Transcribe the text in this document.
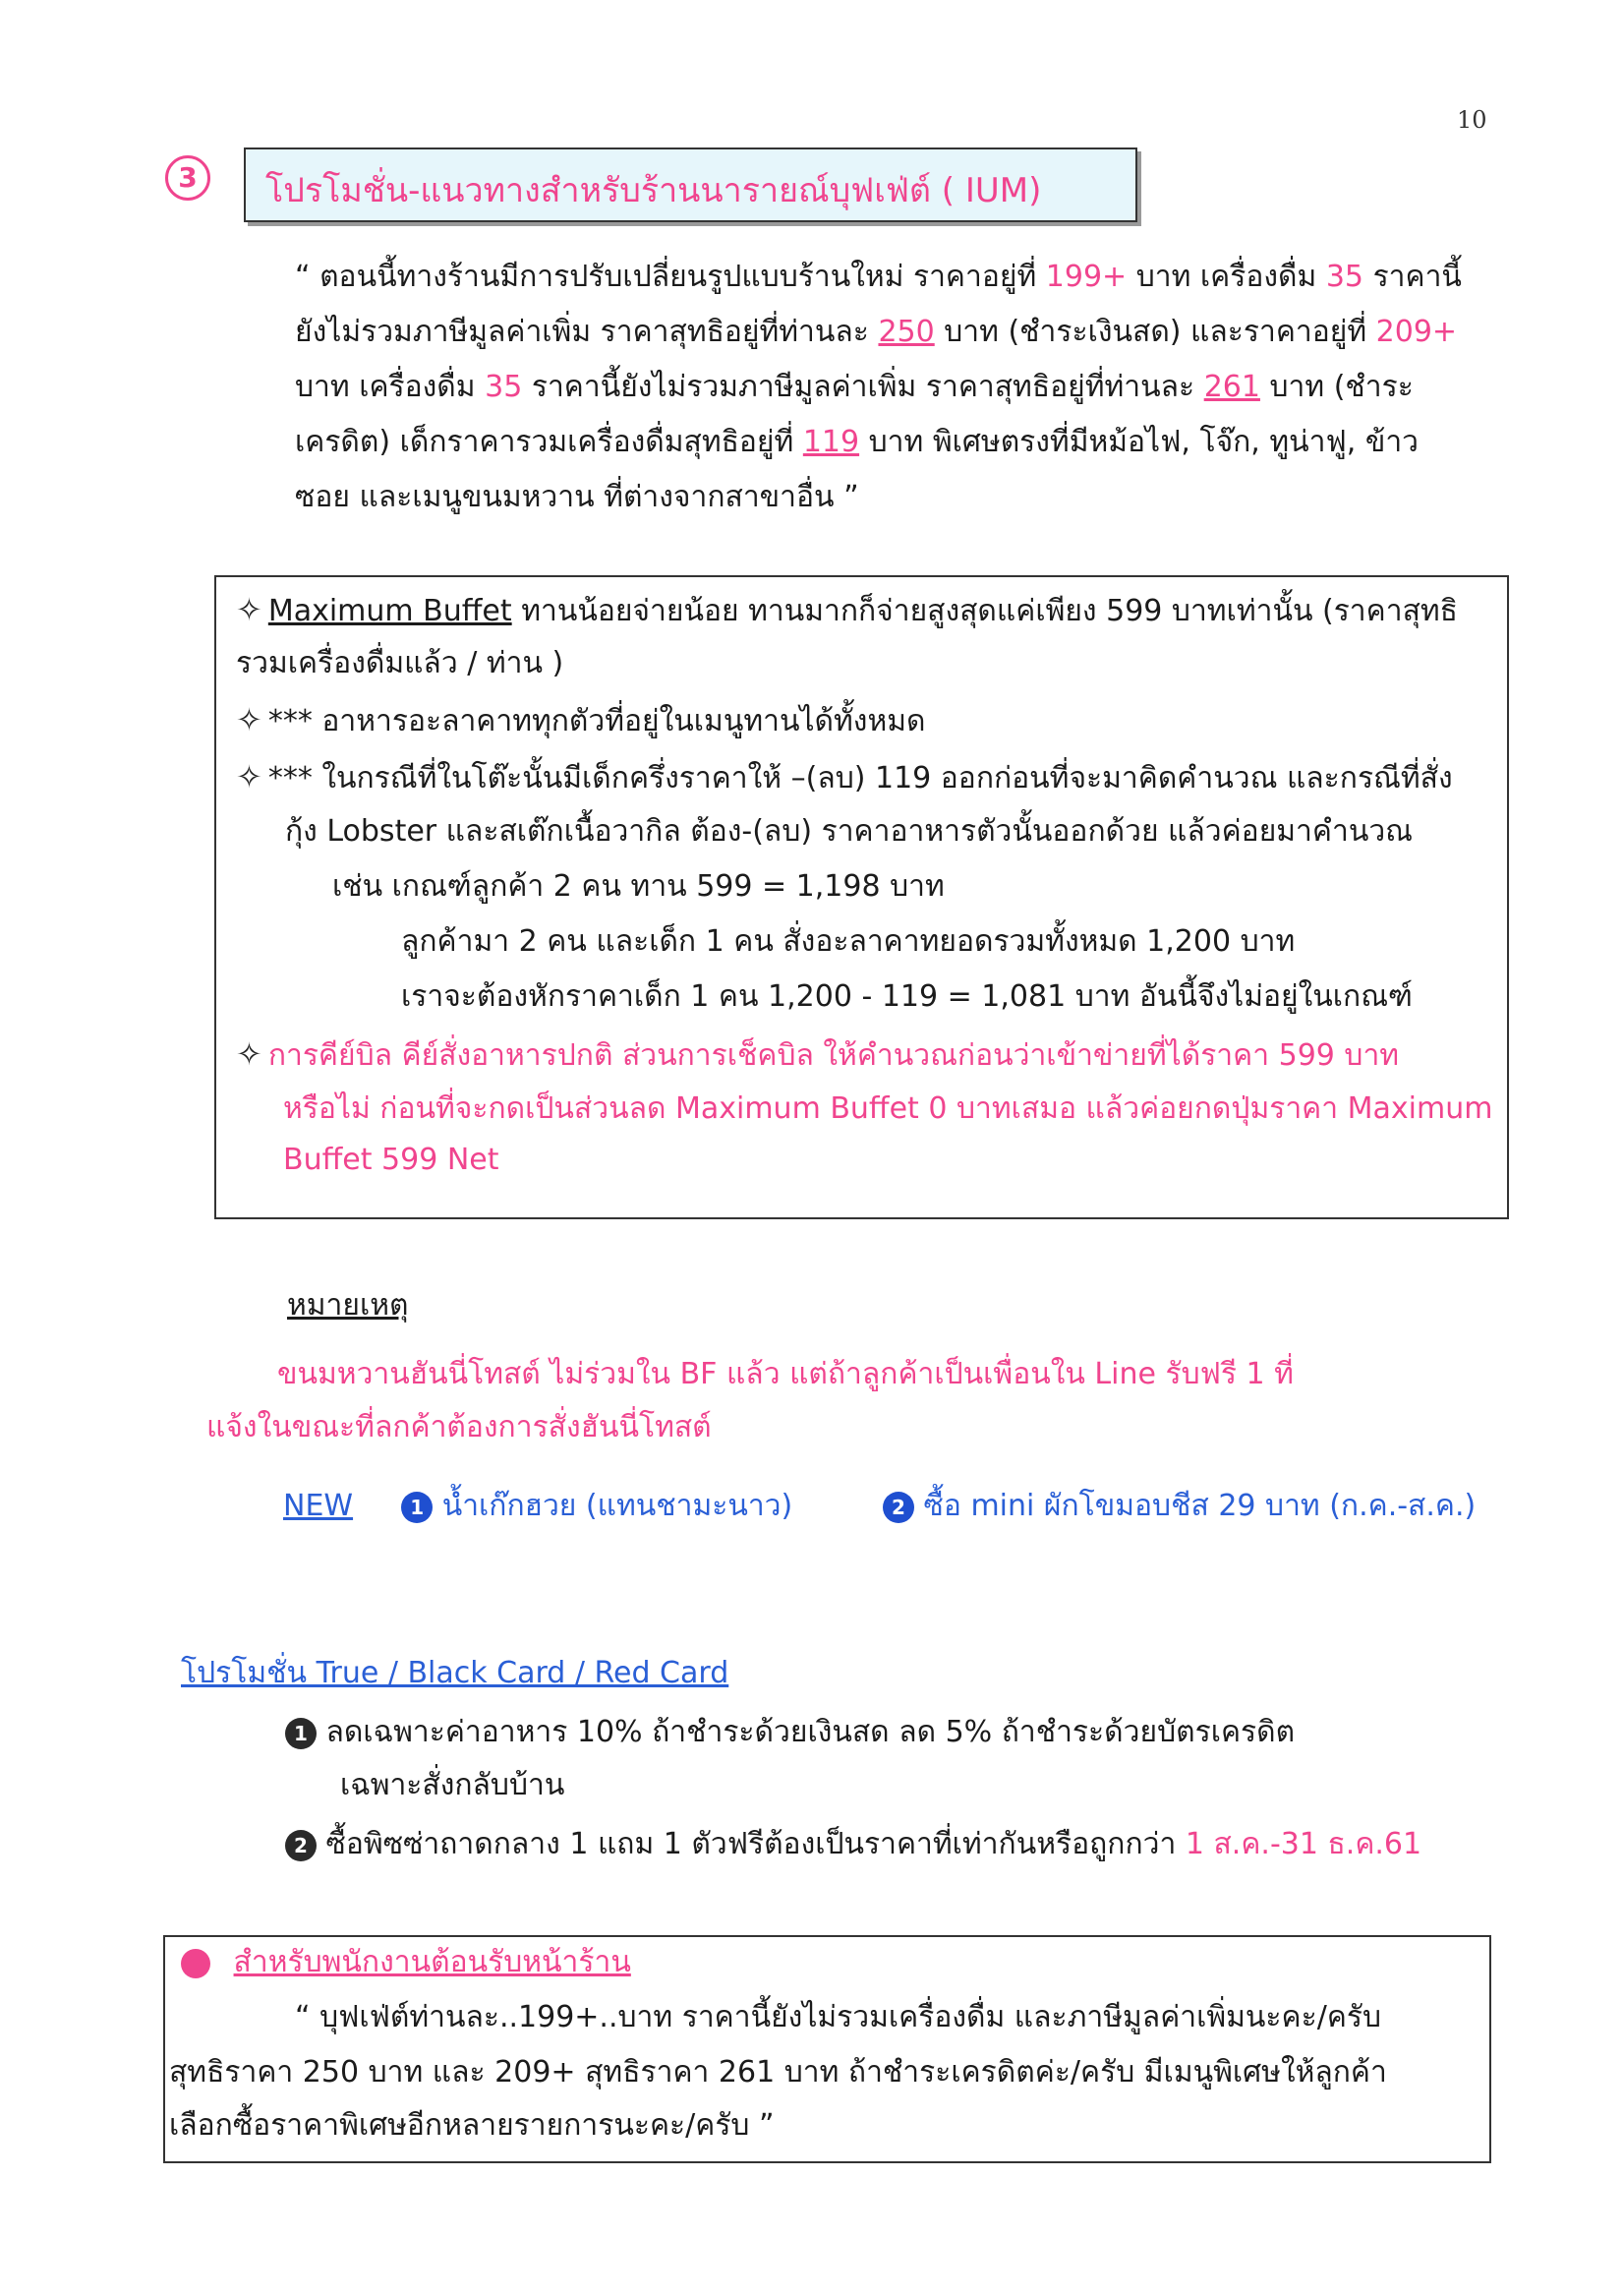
10
3	โปรโมชั่น-แนวทางสำหรับร้านนารายณ์บุฟเฟ่ต์ ( IUM)
“ ตอนนี้ทางร้านมีการปรับเปลี่ยนรูปแบบร้านใหม่ ราคาอยู่ที่ 199+ บาท เครื่องดื่ม 35 ราคานี้
ยังไม่รวมภาษีมูลค่าเพิ่ม ราคาสุทธิอยู่ที่ท่านละ 250 บาท (ชำระเงินสด) และราคาอยู่ที่ 209+
บาท เครื่องดื่ม 35 ราคานี้ยังไม่รวมภาษีมูลค่าเพิ่ม ราคาสุทธิอยู่ที่ท่านละ 261 บาท (ชำระ
เครดิต) เด็กราคารวมเครื่องดื่มสุทธิอยู่ที่ 119 บาท พิเศษตรงที่มีหม้อไฟ, โจ๊ก, ทูน่าฟู, ข้าว
ซอย และเมนูขนมหวาน ที่ต่างจากสาขาอื่น ”
✧ Maximum Buffet ทานน้อยจ่ายน้อย ทานมากก็จ่ายสูงสุดแค่เพียง 599 บาทเท่านั้น (ราคาสุทธิ
รวมเครื่องดื่มแล้ว / ท่าน )
✧ *** อาหารอะลาคาททุกตัวที่อยู่ในเมนูทานได้ทั้งหมด
✧ *** ในกรณีที่ในโต๊ะนั้นมีเด็กครึ่งราคาให้ –(ลบ) 119 ออกก่อนที่จะมาคิดคำนวณ และกรณีที่สั่ง
กุ้ง Lobster และสเต๊กเนื้อวากิล ต้อง-(ลบ) ราคาอาหารตัวนั้นออกด้วย แล้วค่อยมาคำนวณ
เช่น เกณฑ์ลูกค้า 2 คน ทาน 599 = 1,198 บาท
ลูกค้ามา 2 คน และเด็ก 1 คน สั่งอะลาคาทยอดรวมทั้งหมด 1,200 บาท
เราจะต้องหักราคาเด็ก 1 คน 1,200 - 119 = 1,081 บาท อันนี้จึงไม่อยู่ในเกณฑ์
✧ การคีย์บิล คีย์สั่งอาหารปกติ ส่วนการเช็คบิล ให้คำนวณก่อนว่าเข้าข่ายที่ได้ราคา 599 บาท
หรือไม่ ก่อนที่จะกดเป็นส่วนลด Maximum Buffet 0 บาทเสมอ แล้วค่อยกดปุ่มราคา Maximum
Buffet 599 Net
หมายเหตุ
ขนมหวานฮันนี่โทสต์ ไม่ร่วมใน BF แล้ว แต่ถ้าลูกค้าเป็นเพื่อนใน Line รับฟรี 1 ที่
แจ้งในขณะที่ลกค้าต้องการสั่งฮันนี่โทสต์
NEW	1 น้ำเก๊กฮวย (แทนชามะนาว)	2 ซื้อ mini ผักโขมอบชีส 29 บาท (ก.ค.-ส.ค.)
โปรโมชั่น True / Black Card / Red Card
1 ลดเฉพาะค่าอาหาร 10% ถ้าชำระด้วยเงินสด ลด 5% ถ้าชำระด้วยบัตรเครดิต
เฉพาะสั่งกลับบ้าน
2 ซื้อพิซซ่าถาดกลาง 1 แถม 1 ตัวฟรีต้องเป็นราคาที่เท่ากันหรือถูกกว่า 1 ส.ค.-31 ธ.ค.61
สำหรับพนักงานต้อนรับหน้าร้าน
“ บุฟเฟ่ต์ท่านละ..199+..บาท ราคานี้ยังไม่รวมเครื่องดื่ม และภาษีมูลค่าเพิ่มนะคะ/ครับ
สุทธิราคา 250 บาท และ 209+ สุทธิราคา 261 บาท ถ้าชำระเครดิตค่ะ/ครับ มีเมนูพิเศษให้ลูกค้า
เลือกซื้อราคาพิเศษอีกหลายรายการนะคะ/ครับ ”
